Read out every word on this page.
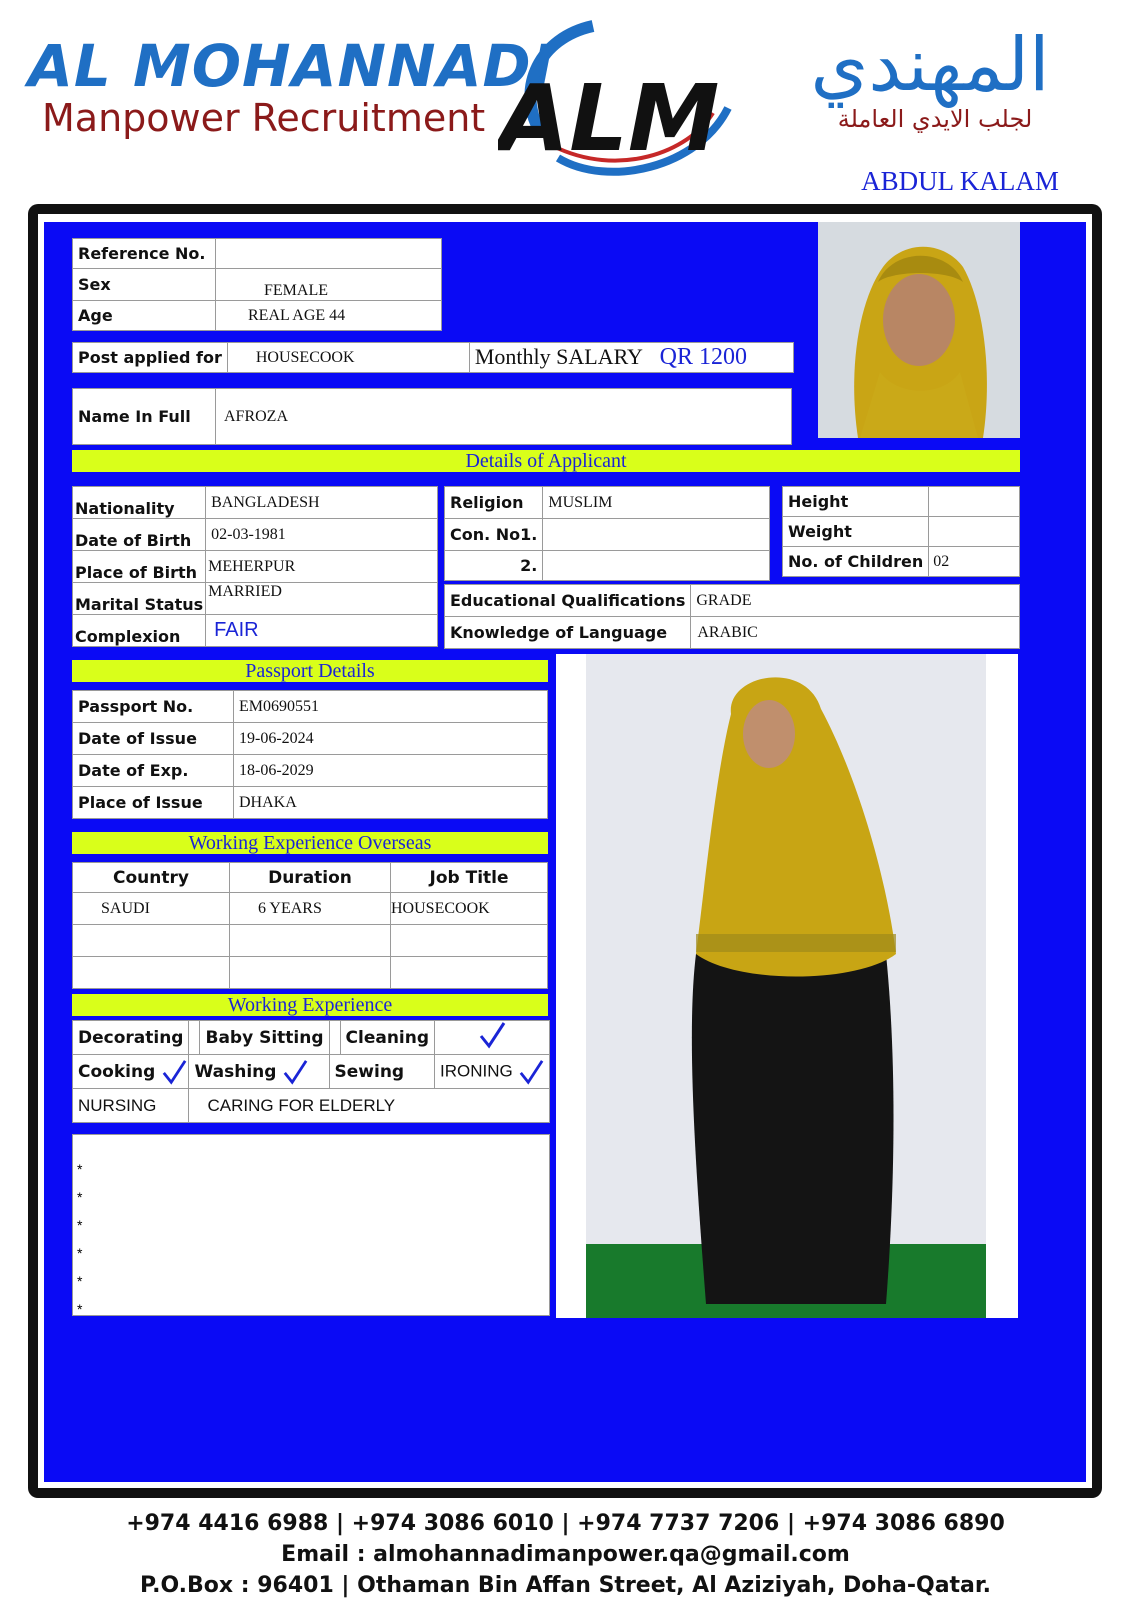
AL MOHANNADI
Manpower Recruitment ALM	المهندي
لجلب الايدي العاملة
ABDUL KALAM
Reference No.	
Sex	FEMALE
Age	REAL AGE 44
Post applied for	HOUSECOOK	Monthly SALARY QR 1200
Name In Full	AFROZA
Details of Applicant
Nationality	BANGLADESH
Date of Birth	02-03-1981
Place of Birth	MEHERPUR
Marital Status	MARRIED
Complexion	FAIR
Religion	MUSLIM
Con. No1.	
2.	
Height	
Weight	
No. of Children	02
Educational Qualifications	GRADE
Knowledge of Language	ARABIC
Passport Details
Passport No.	EM0690551
Date of Issue	19-06-2024
Date of Exp.	18-06-2029
Place of Issue	DHAKA
Working Experience Overseas
Country	Duration	Job Title
SAUDI	6 YEARS	HOUSECOOK

Working Experience
Decorating		Baby Sitting		Cleaning	
Cooking	Washing		Sewing		IRONING
NURSING	CARING FOR ELDERLY				
*
*
*
*
*
*
+974 4416 6988 | +974 3086 6010 | +974 7737 7206 | +974 3086 6890
Email : almohannadimanpower.qa@gmail.com
P.O.Box : 96401 | Othaman Bin Affan Street, Al Aziziyah, Doha-Qatar.
